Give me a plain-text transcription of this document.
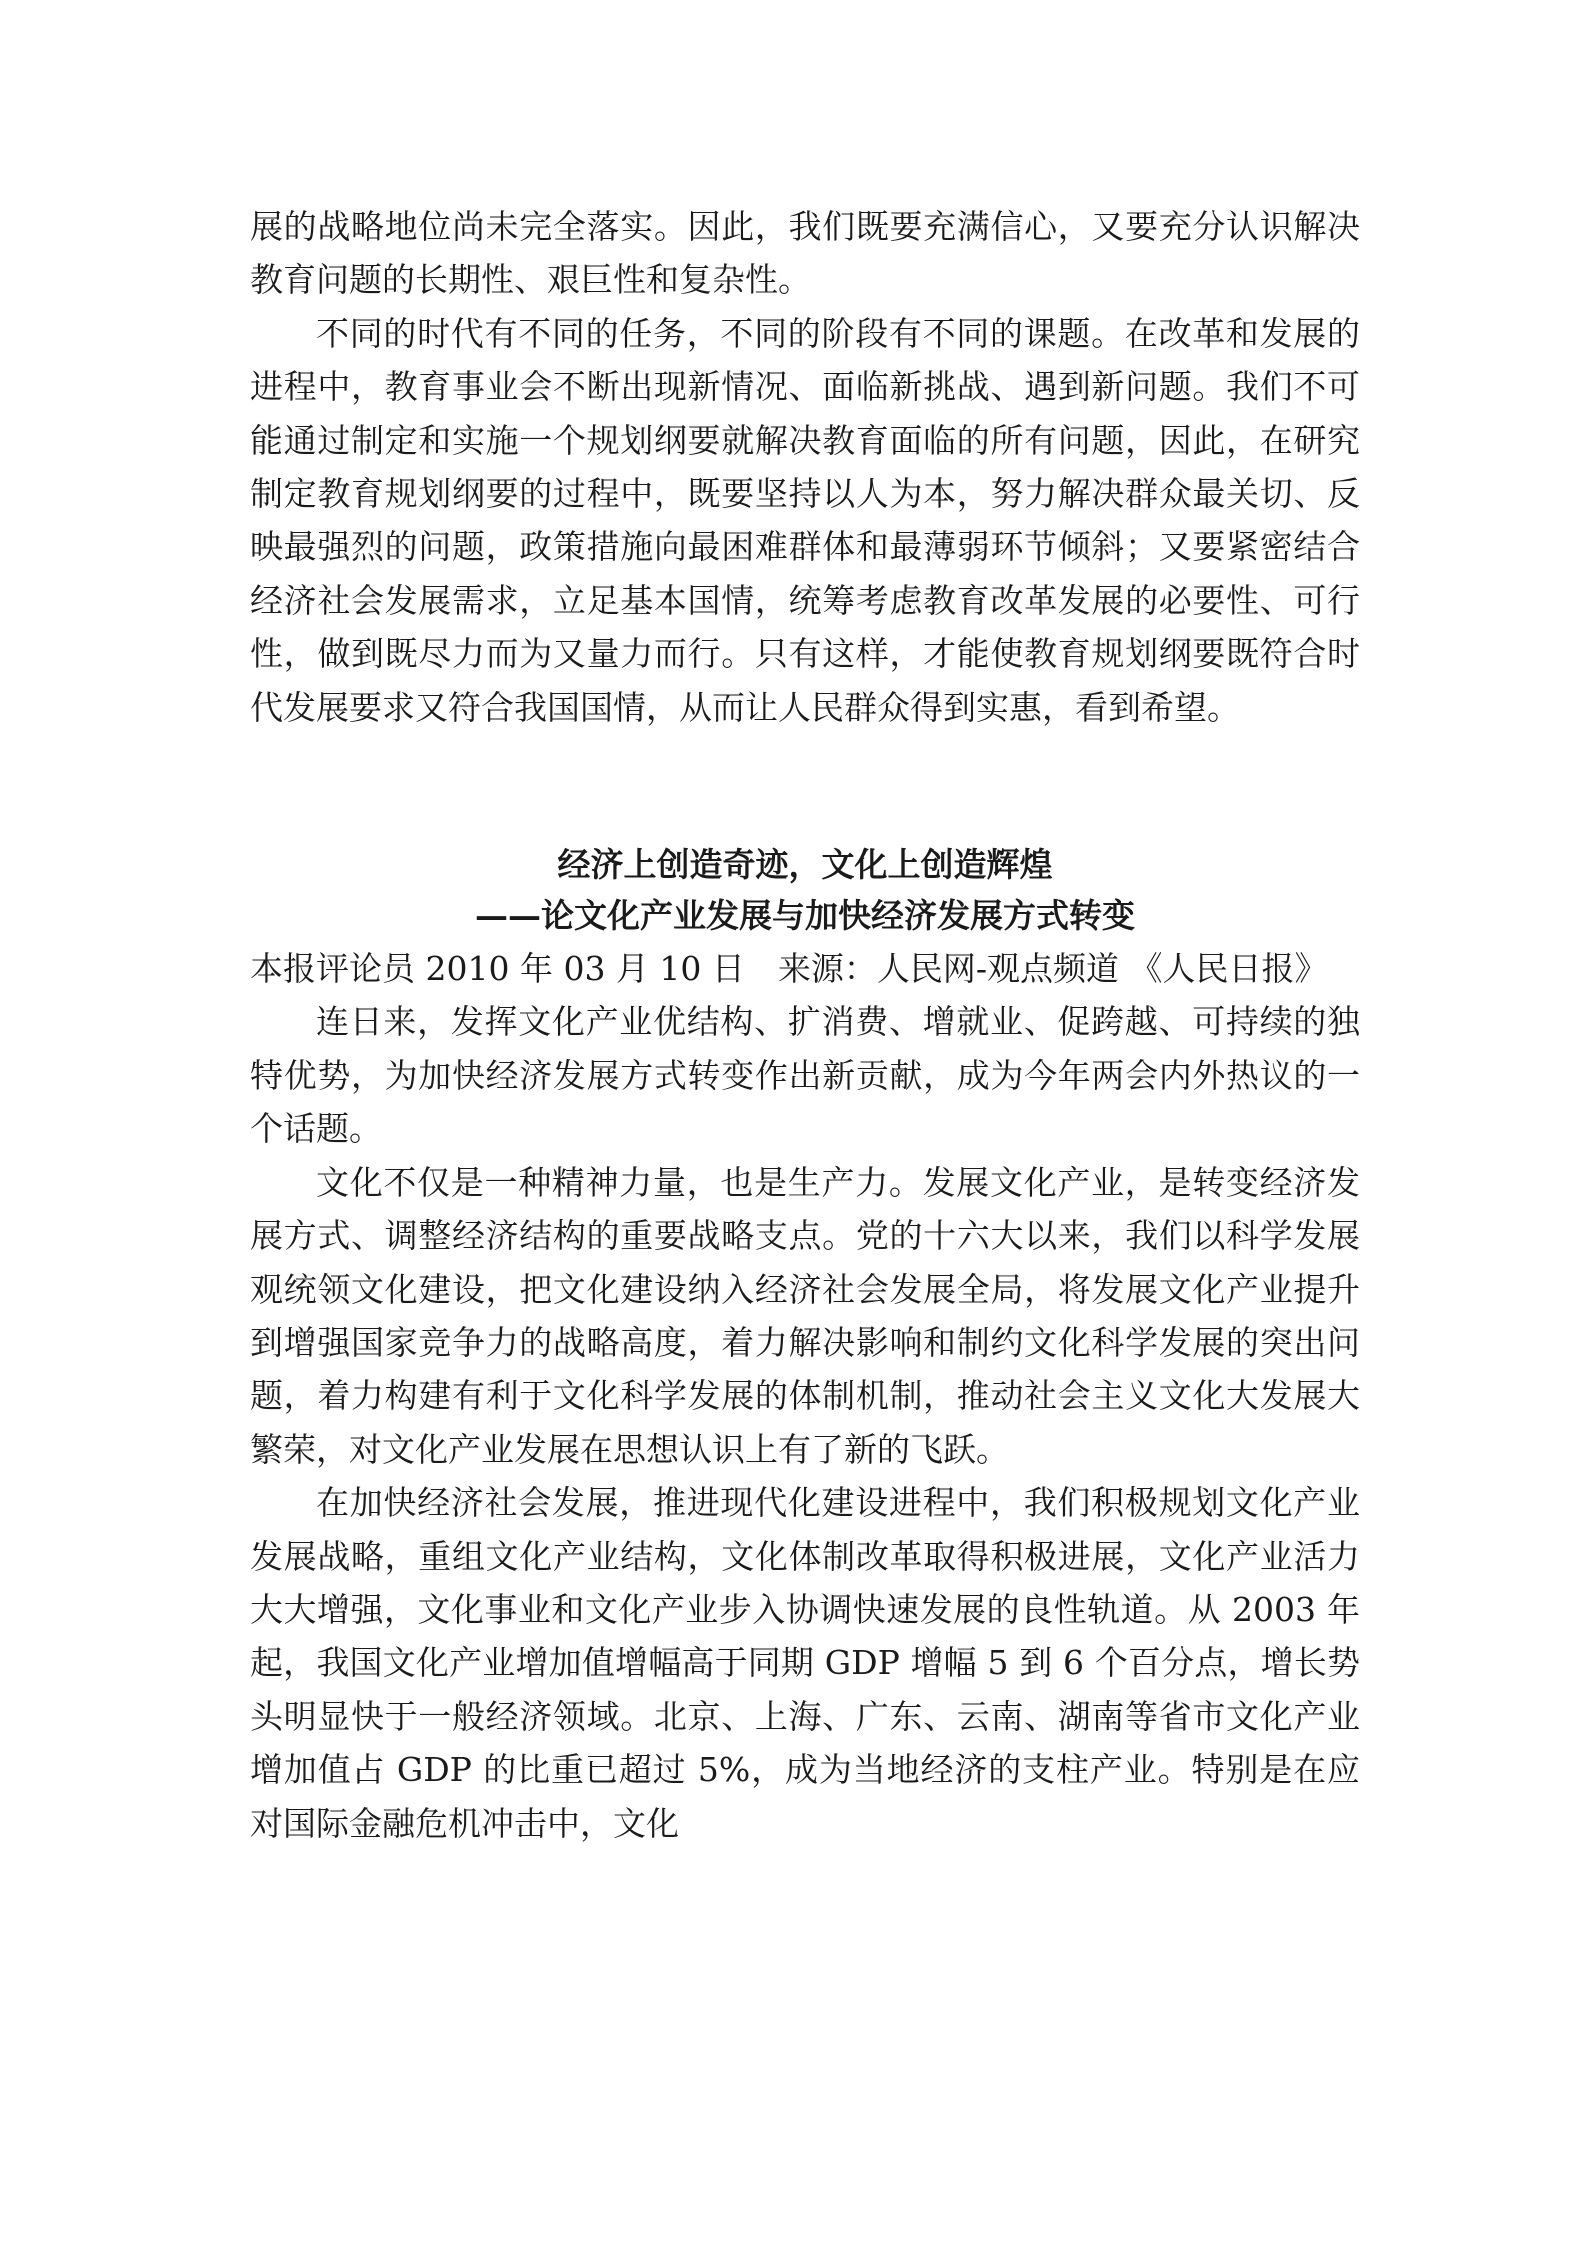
展的战略地位尚未完全落实。因此，我们既要充满信心，又要充分认识解决教育问题的长期性、艰巨性和复杂性。

不同的时代有不同的任务，不同的阶段有不同的课题。在改革和发展的进程中，教育事业会不断出现新情况、面临新挑战、遇到新问题。我们不可能通过制定和实施一个规划纲要就解决教育面临的所有问题，因此，在研究制定教育规划纲要的过程中，既要坚持以人为本，努力解决群众最关切、反映最强烈的问题，政策措施向最困难群体和最薄弱环节倾斜；又要紧密结合经济社会发展需求，立足基本国情，统筹考虑教育改革发展的必要性、可行性，做到既尽力而为又量力而行。只有这样，才能使教育规划纲要既符合时代发展要求又符合我国国情，从而让人民群众得到实惠，看到希望。

经济上创造奇迹，文化上创造辉煌
——论文化产业发展与加快经济发展方式转变

本报评论员 2010 年 03 月 10 日　来源：人民网-观点频道 《人民日报》

连日来，发挥文化产业优结构、扩消费、增就业、促跨越、可持续的独特优势，为加快经济发展方式转变作出新贡献，成为今年两会内外热议的一个话题。

文化不仅是一种精神力量，也是生产力。发展文化产业，是转变经济发展方式、调整经济结构的重要战略支点。党的十六大以来，我们以科学发展观统领文化建设，把文化建设纳入经济社会发展全局，将发展文化产业提升到增强国家竞争力的战略高度，着力解决影响和制约文化科学发展的突出问题，着力构建有利于文化科学发展的体制机制，推动社会主义文化大发展大繁荣，对文化产业发展在思想认识上有了新的飞跃。

在加快经济社会发展，推进现代化建设进程中，我们积极规划文化产业发展战略，重组文化产业结构，文化体制改革取得积极进展，文化产业活力大大增强，文化事业和文化产业步入协调快速发展的良性轨道。从 2003 年起，我国文化产业增加值增幅高于同期 GDP 增幅 5 到 6 个百分点，增长势头明显快于一般经济领域。北京、上海、广东、云南、湖南等省市文化产业增加值占 GDP 的比重已超过 5%，成为当地经济的支柱产业。特别是在应对国际金融危机冲击中，文化
